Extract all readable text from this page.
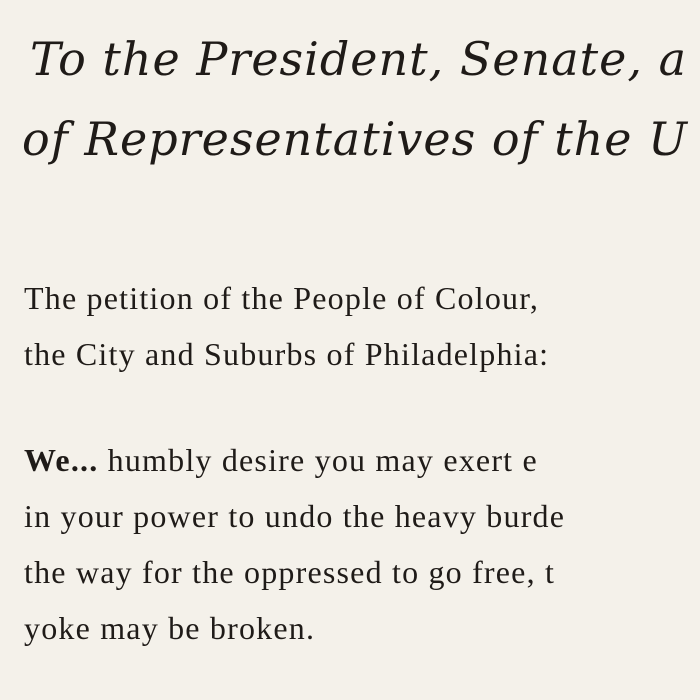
To the President, Senate, a
of Representatives of the U
The petition of the People of Colour,
the City and Suburbs of Philadelphia:
We... humbly desire you may exert e
in your power to undo the heavy burde
the way for the oppressed to go free, t
yoke may be broken.
